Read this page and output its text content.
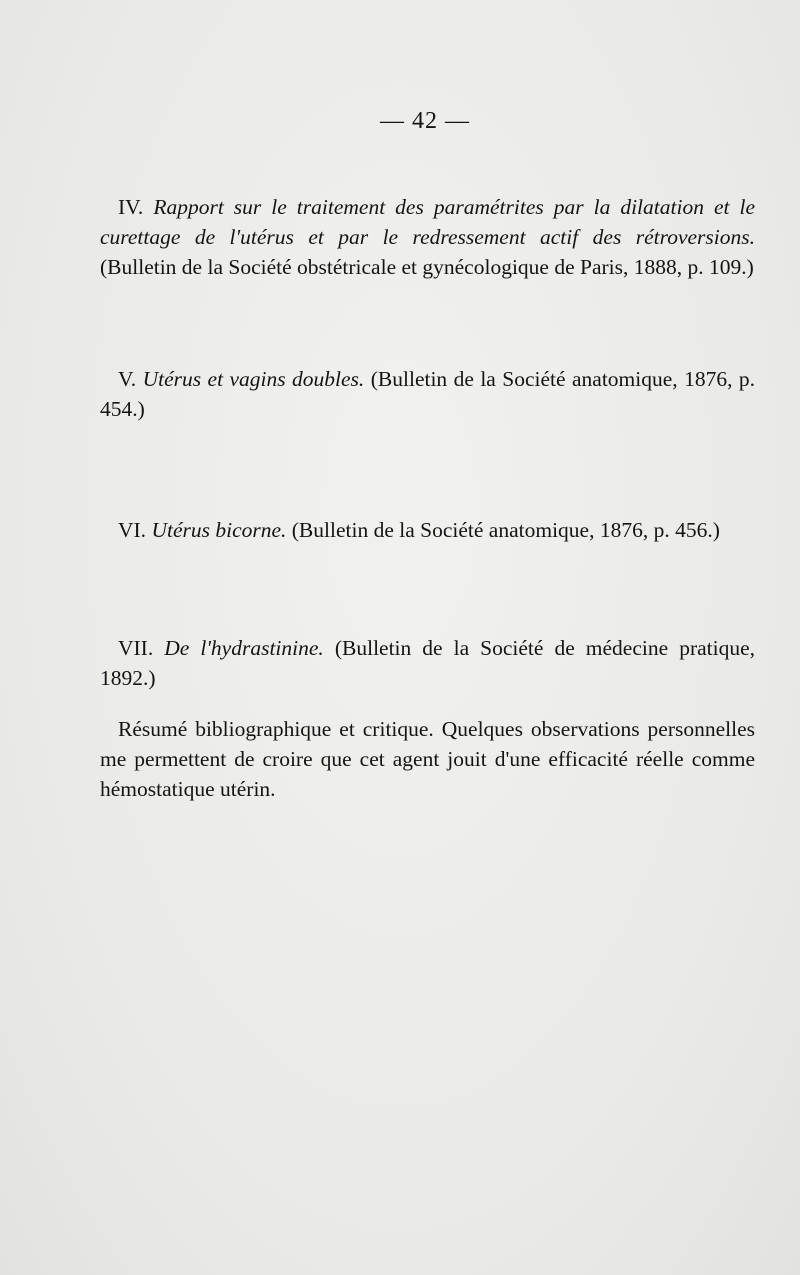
— 42 —

IV. Rapport sur le traitement des paramétrites par la dilatation et le curettage de l'utérus et par le redressement actif des rétroversions. (Bulletin de la Société obstétricale et gynécologique de Paris, 1888, p. 109.)

V. Utérus et vagins doubles. (Bulletin de la Société anatomique, 1876, p. 454.)

VI. Utérus bicorne. (Bulletin de la Société anatomique, 1876, p. 456.)

VII. De l'hydrastinine. (Bulletin de la Société de médecine pratique, 1892.)

Résumé bibliographique et critique. Quelques observations personnelles me permettent de croire que cet agent jouit d'une efficacité réelle comme hémostatique utérin.
